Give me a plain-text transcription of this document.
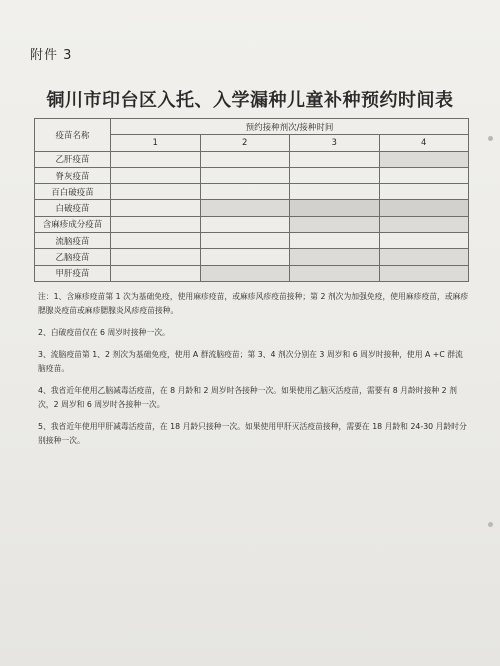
附件 3
铜川市印台区入托、入学漏种儿童补种预约时间表
疫苗名称	预约接种剂次/接种时间			
	1	2	3	4
乙肝疫苗				
脊灰疫苗				
百白破疫苗				
白破疫苗				
含麻疹成分疫苗				
流脑疫苗				
乙脑疫苗				
甲肝疫苗				

注：1、含麻疹疫苗第 1 次为基础免疫，使用麻疹疫苗，或麻疹风疹疫苗接种；第 2 剂次为加强免疫，使用麻疹疫苗，或麻疹腮腺炎疫苗或麻疹腮腺炎风疹疫苗接种。

2、白破疫苗仅在 6 周岁时接种一次。

3、流脑疫苗第 1、2 剂次为基础免疫，使用 A 群流脑疫苗；第 3、4 剂次分别在 3 周岁和 6 周岁时接种，使用 A +C 群流脑疫苗。

4、我省近年使用乙脑减毒活疫苗，在 8 月龄和 2 周岁时各接种一次。如果使用乙脑灭活疫苗，需要有 8 月龄时接种 2 剂次，2 周岁和 6 周岁时各接种一次。

5、我省近年使用甲肝减毒活疫苗，在 18 月龄只接种一次。如果使用甲肝灭活疫苗接种，需要在 18 月龄和 24-30 月龄时分别接种一次。
